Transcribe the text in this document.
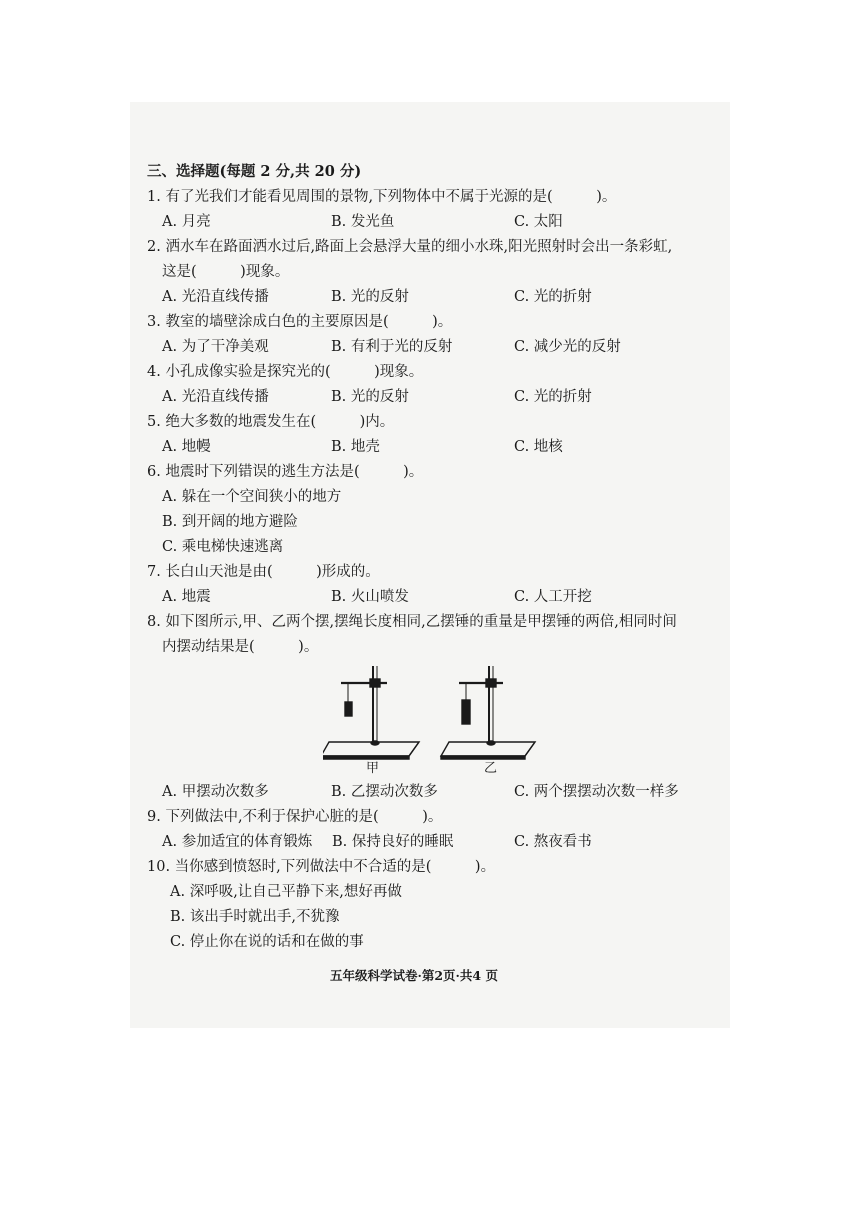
三、选择题(每题 2 分,共 20 分)
1. 有了光我们才能看见周围的景物,下列物体中不属于光源的是(　　　)。
A. 月亮	B. 发光鱼	C. 太阳
2. 洒水车在路面洒水过后,路面上会悬浮大量的细小水珠,阳光照射时会出一条彩虹,
这是(　　　)现象。
A. 光沿直线传播	B. 光的反射	C. 光的折射
3. 教室的墙壁涂成白色的主要原因是(　　　)。
A. 为了干净美观	B. 有利于光的反射	C. 减少光的反射
4. 小孔成像实验是探究光的(　　　)现象。
A. 光沿直线传播	B. 光的反射	C. 光的折射
5. 绝大多数的地震发生在(　　　)内。
A. 地幔	B. 地壳	C. 地核
6. 地震时下列错误的逃生方法是(　　　)。
A. 躲在一个空间狭小的地方
B. 到开阔的地方避险
C. 乘电梯快速逃离
7. 长白山天池是由(　　　)形成的。
A. 地震	B. 火山喷发	C. 人工开挖
8. 如下图所示,甲、乙两个摆,摆绳长度相同,乙摆锤的重量是甲摆锤的两倍,相同时间
内摆动结果是(　　　)。
甲	乙
A. 甲摆动次数多	B. 乙摆动次数多	C. 两个摆摆动次数一样多
9. 下列做法中,不利于保护心脏的是(　　　)。
A. 参加适宜的体育锻炼 B. 保持良好的睡眠	C. 熬夜看书
10. 当你感到愤怒时,下列做法中不合适的是(　　　)。
A. 深呼吸,让自己平静下来,想好再做
B. 该出手时就出手,不犹豫
C. 停止你在说的话和在做的事
五年级科学试卷·第2页·共4 页
